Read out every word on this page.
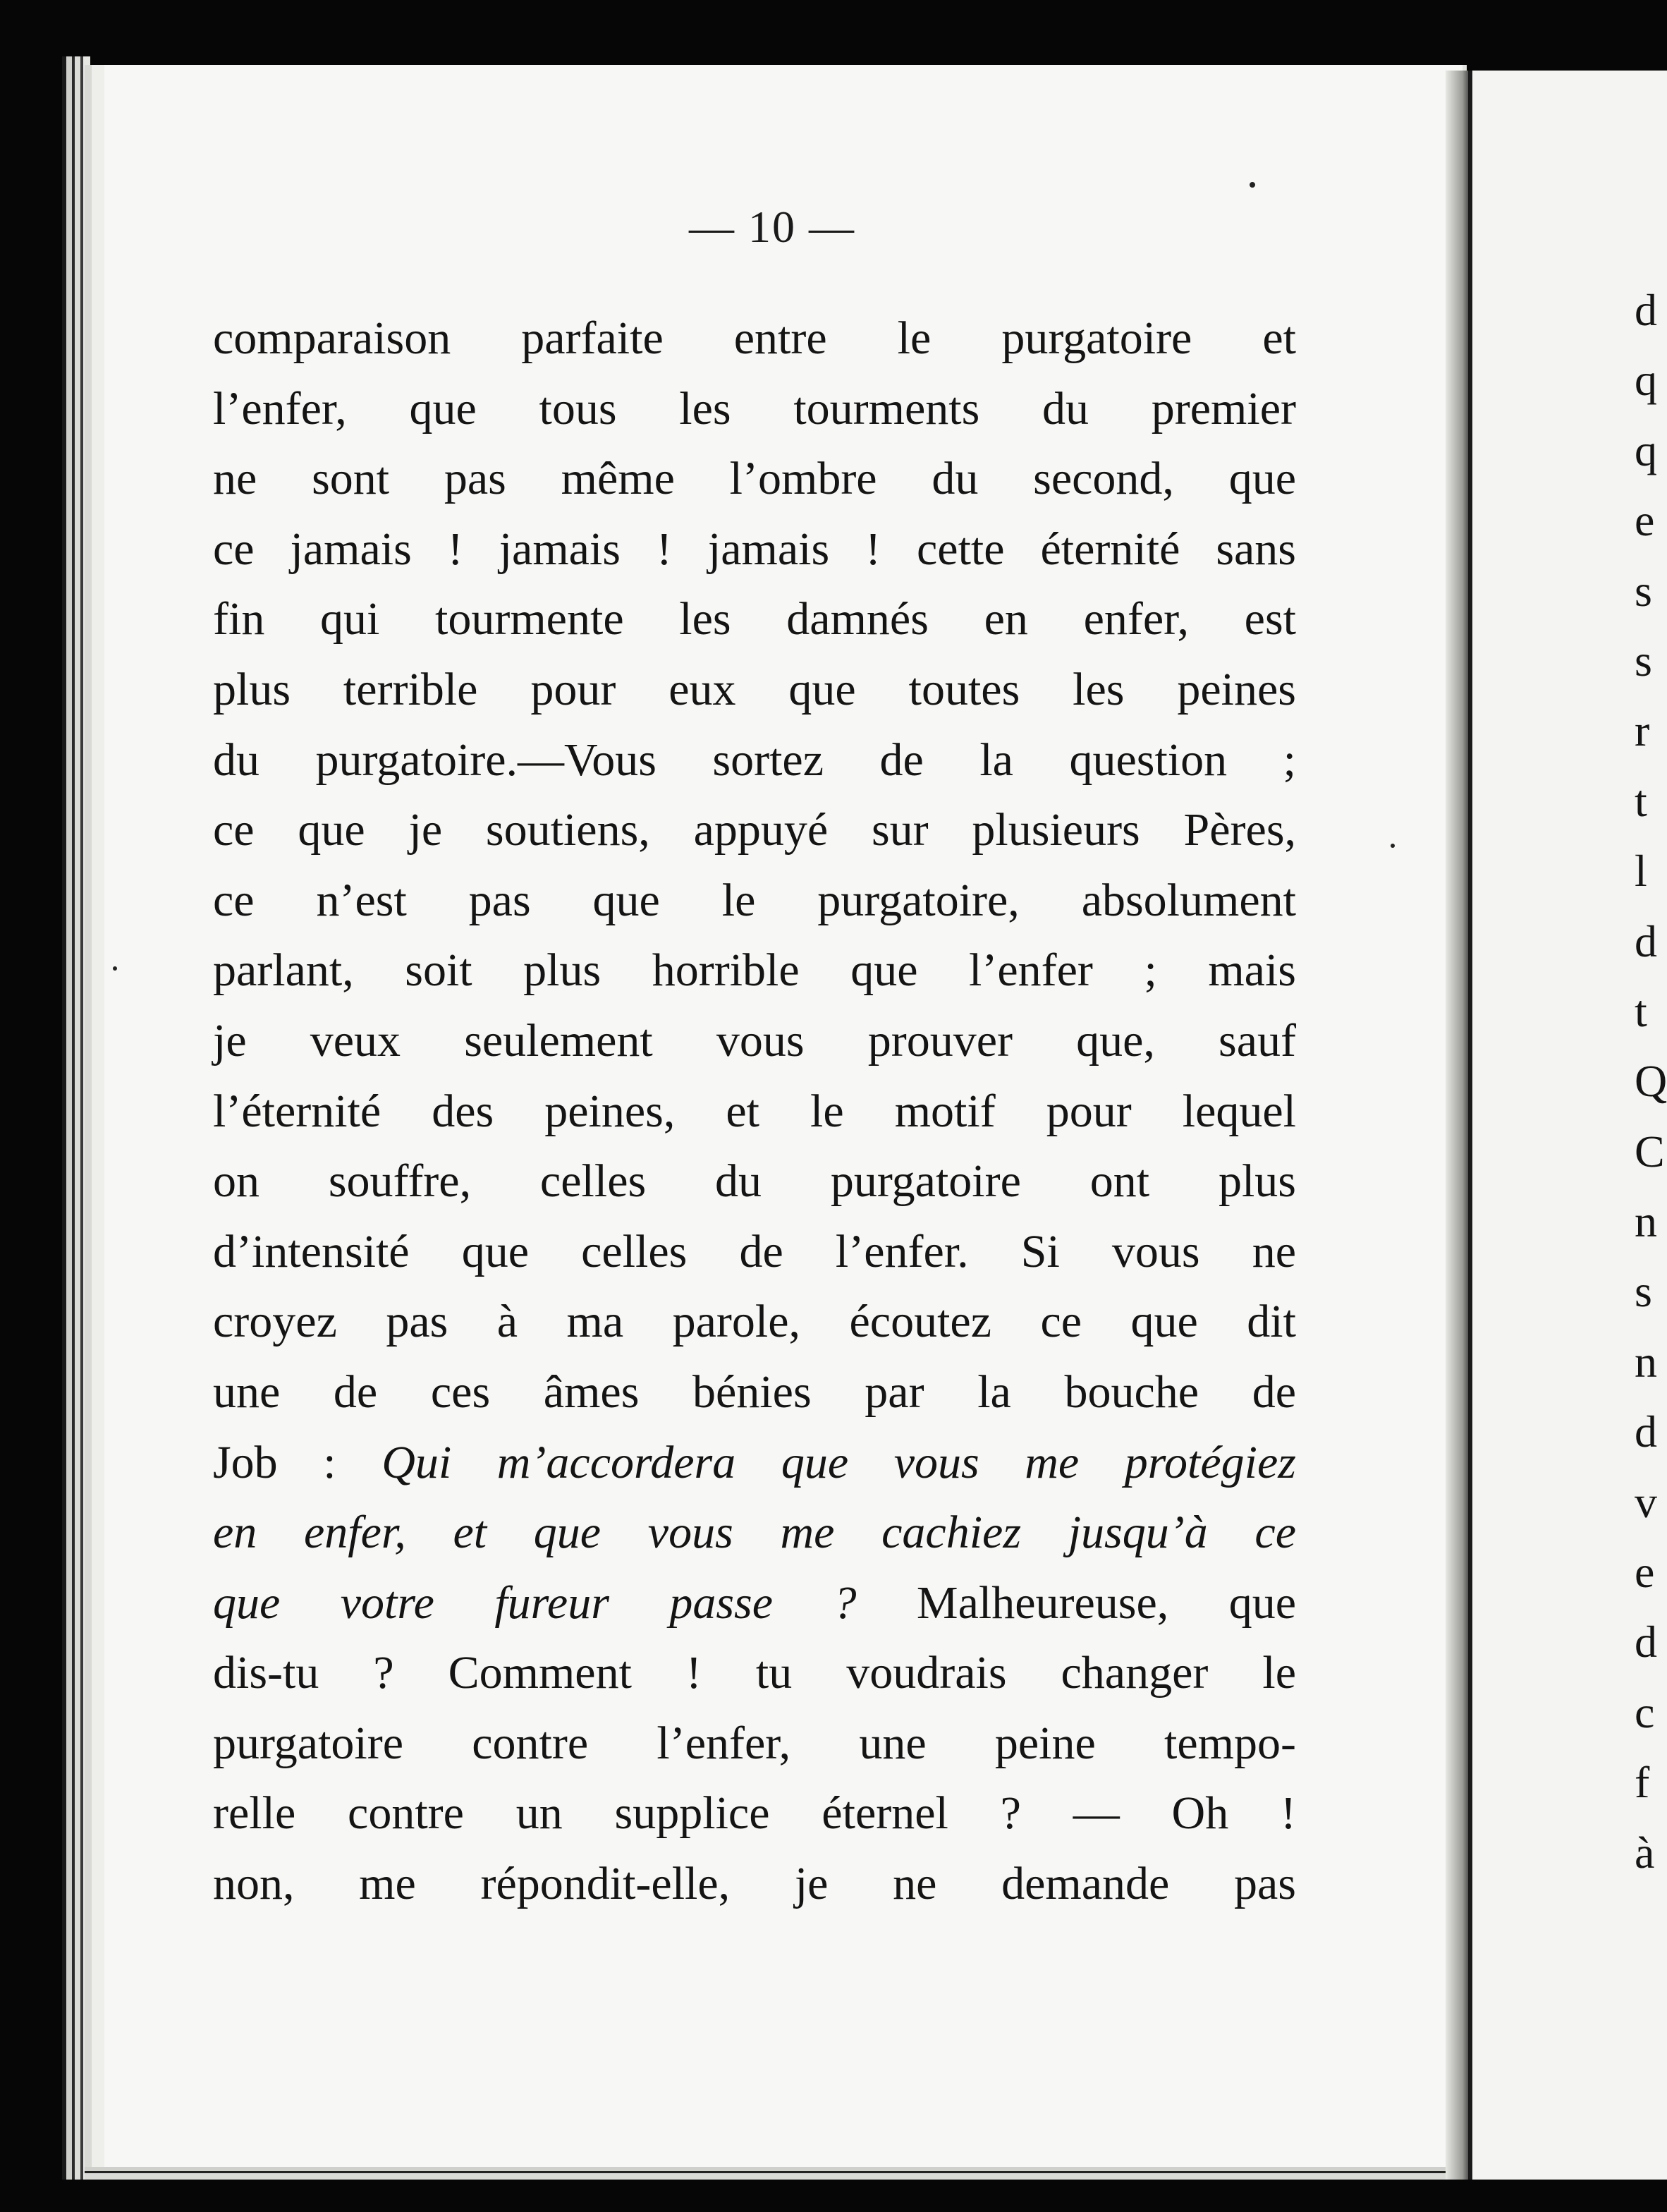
— 10 —
comparaison parfaite entre le purgatoire et
l’enfer, que tous les tourments du premier
ne sont pas même l’ombre du second, que
ce jamais ! jamais ! jamais ! cette éternité sans
fin qui tourmente les damnés en enfer, est
plus terrible pour eux que toutes les peines
du purgatoire.—Vous sortez de la question ;
ce que je soutiens, appuyé sur plusieurs Pères,
ce n’est pas que le purgatoire, absolument
parlant, soit plus horrible que l’enfer ; mais
je veux seulement vous prouver que, sauf
l’éternité des peines, et le motif pour lequel
on souffre, celles du purgatoire ont plus
d’intensité que celles de l’enfer. Si vous ne
croyez pas à ma parole, écoutez ce que dit
une de ces âmes bénies par la bouche de
Job : Qui m’accordera que vous me protégiez
en enfer, et que vous me cachiez jusqu’à ce
que votre fureur passe ? Malheureuse, que
dis-tu ? Comment ! tu voudrais changer le
purgatoire contre l’enfer, une peine tempo-
relle contre un supplice éternel ? — Oh !
non, me répondit-elle, je ne demande pas
d
q
q
e
s
s
r
t
l
d
t
Q
C
n
s
n
d
v
e
d
c
f
à
